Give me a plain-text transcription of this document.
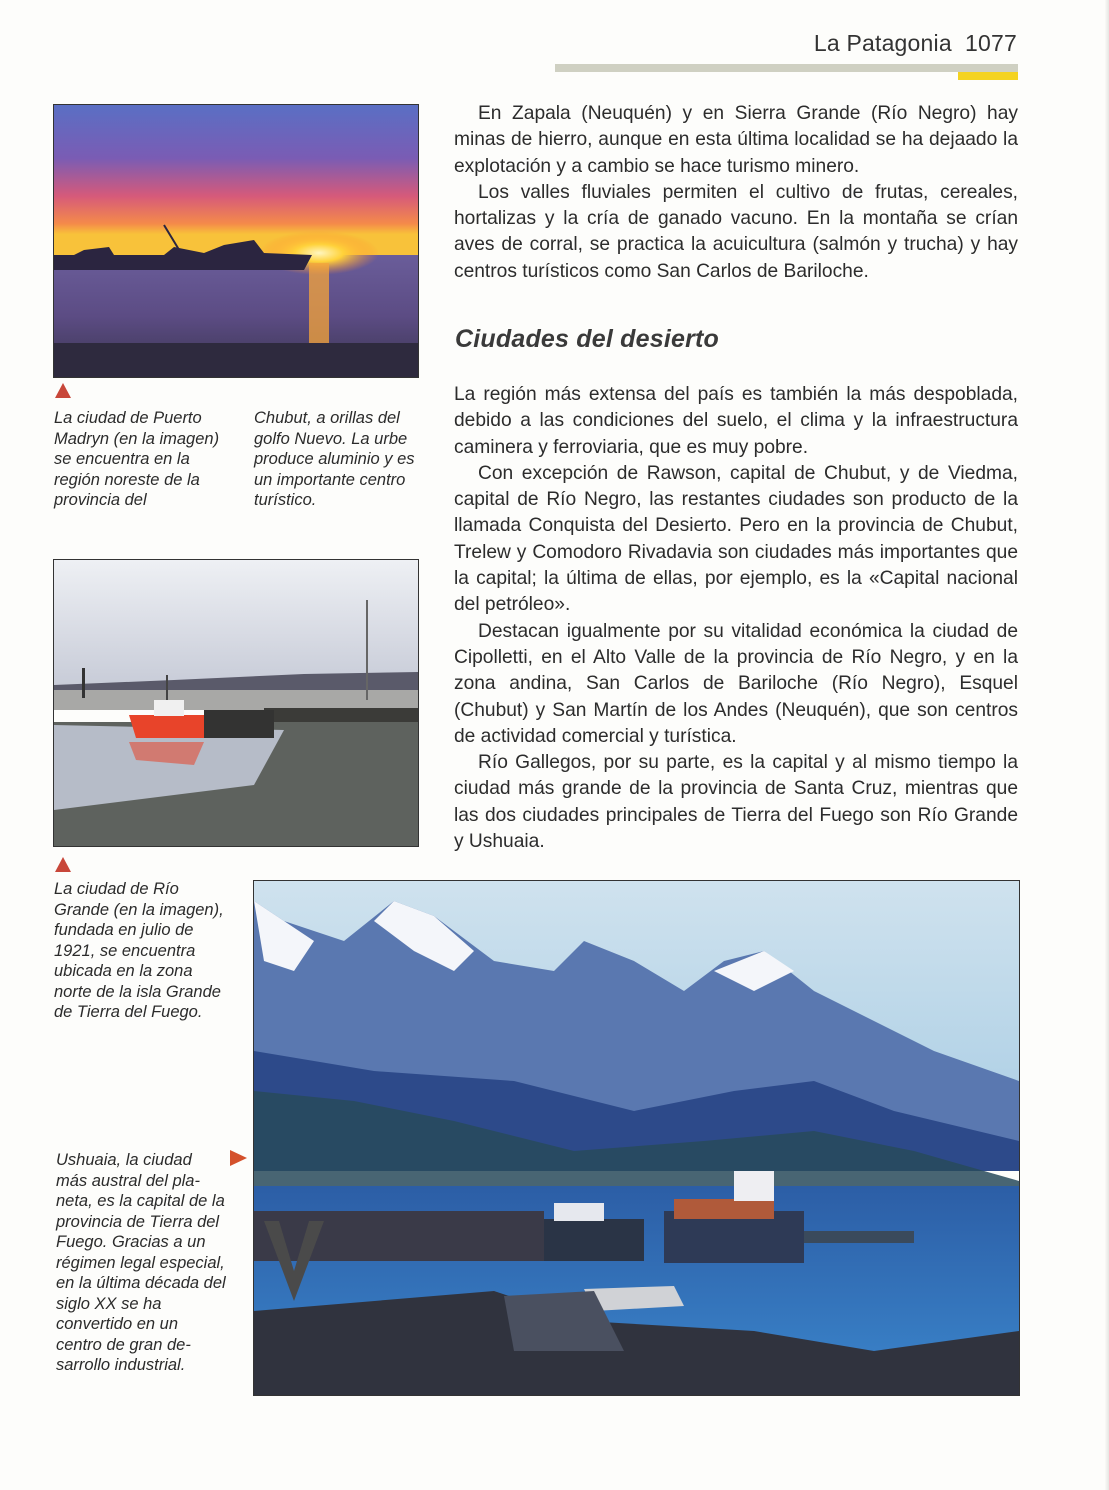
La Patagonia 1077

En Zapala (Neuquén) y en Sierra Grande (Río Negro) hay minas de hierro, aunque en esta última localidad se ha dejaado la explotación y a cambio se hace turismo minero.

Los valles fluviales permiten el cultivo de frutas, cereales, hortalizas y la cría de ganado vacuno. En la montaña se crían aves de corral, se practica la acuicultura (salmón y trucha) y hay centros turísticos como San Carlos de Bariloche.

Ciudades del desierto

La región más extensa del país es también la más despoblada, debido a las condiciones del suelo, el clima y la infraestructura caminera y ferroviaria, que es muy pobre.

Con excepción de Rawson, capital de Chubut, y de Viedma, capital de Río Negro, las restantes ciudades son producto de la llamada Conquista del Desierto. Pero en la provincia de Chubut, Trelew y Comodoro Rivadavia son ciudades más importantes que la capital; la última de ellas, por ejemplo, es la «Capital nacional del petróleo».

Destacan igualmente por su vitalidad económica la ciudad de Cipolletti, en el Alto Valle de la provincia de Río Negro, y en la zona andina, San Carlos de Bariloche (Río Negro), Esquel (Chubut) y San Martín de los Andes (Neuquén), que son centros de actividad comercial y turística.

Río Gallegos, por su parte, es la capital y al mismo tiempo la ciudad más grande de la provincia de Santa Cruz, mientras que las dos ciudades principales de Tierra del Fuego son Río Grande y Ushuaia.

La ciudad de Puerto Madryn (en la imagen) se encuentra en la región noreste de la provincia del
Chubut, a orillas del golfo Nuevo. La urbe produce aluminio y es un importante centro turístico.
La ciudad de Río Grande (en la imagen), fundada en julio de 1921, se encuentra ubicada en la zona norte de la isla Grande de Tierra del Fuego.
Ushuaia, la ciudad más austral del planeta, es la capital de la provincia de Tierra del Fuego. Gracias a un régimen legal especial, en la última década del siglo XX se ha convertido en un centro de gran desarrollo industrial.
